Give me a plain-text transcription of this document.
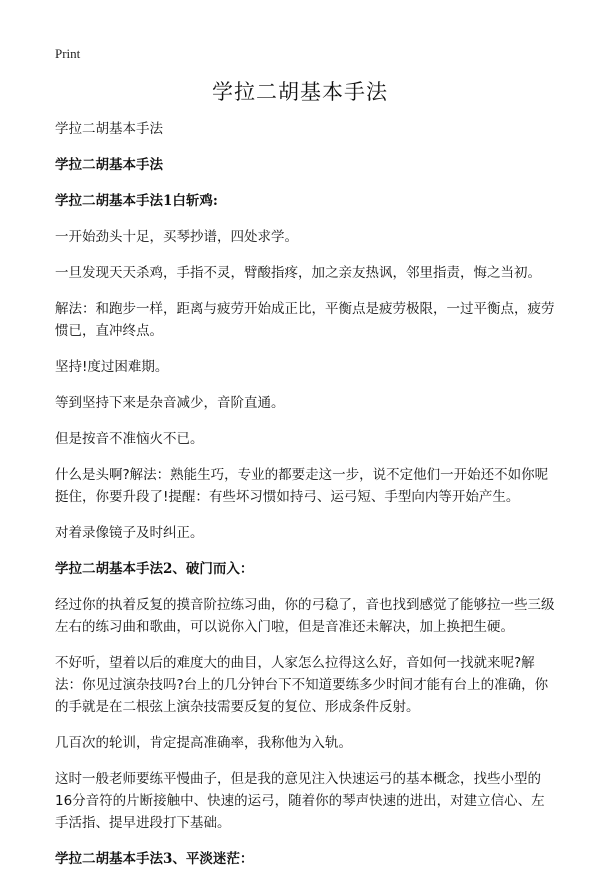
Print
学拉二胡基本手法

学拉二胡基本手法

学拉二胡基本手法

学拉二胡基本手法1白斩鸡:

一开始劲头十足，买琴抄谱，四处求学。

一旦发现天天杀鸡，手指不灵，臂酸指疼，加之亲友热讽，邻里指责，悔之当初。

解法：和跑步一样，距离与疲劳开始成正比，平衡点是疲劳极限，一过平衡点，疲劳惯已，直冲终点。

坚持!度过困难期。

等到坚持下来是杂音减少，音阶直通。

但是按音不准恼火不已。

什么是头啊?解法：熟能生巧，专业的都要走这一步，说不定他们一开始还不如你呢挺住，你要升段了!提醒：有些坏习惯如持弓、运弓短、手型向内等开始产生。

对着录像镜子及时纠正。

学拉二胡基本手法2、破门而入：

经过你的执着反复的摸音阶拉练习曲，你的弓稳了，音也找到感觉了能够拉一些三级左右的练习曲和歌曲，可以说你入门啦，但是音准还未解决，加上换把生硬。

不好听，望着以后的难度大的曲目，人家怎么拉得这么好，音如何一找就来呢?解法：你见过演杂技吗?台上的几分钟台下不知道要练多少时间才能有台上的准确，你的手就是在二根弦上演杂技需要反复的复位、形成条件反射。

几百次的轮训，肯定提高准确率，我称他为入轨。

这时一般老师要练平慢曲子，但是我的意见注入快速运弓的基本概念，找些小型的16分音符的片断接触中、快速的运弓，随着你的琴声快速的进出，对建立信心、左手活指、提早进段打下基础。

学拉二胡基本手法3、平淡迷茫：
